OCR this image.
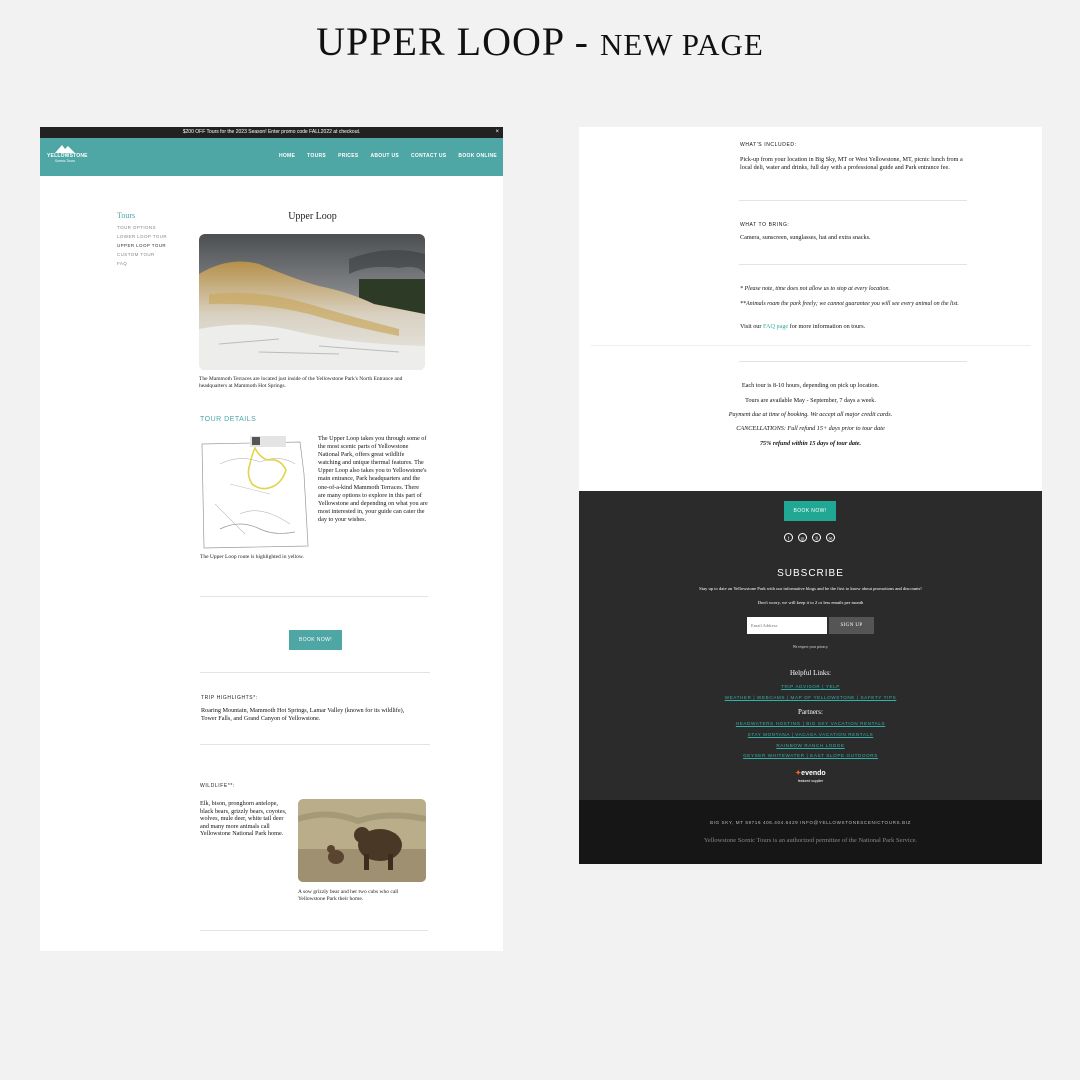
UPPER LOOP - NEW PAGE
$200 OFF Tours for the 2023 Season! Enter promo code FALL2022 at checkout.	×
YELLOWSTONE
Scenic Tours
HOME TOURS PRICES ABOUT US CONTACT US BOOK ONLINE
Tours
TOUR OPTIONS
LOWER LOOP TOUR
UPPER LOOP TOUR
CUSTOM TOUR
FAQ
Upper Loop
The Mammoth Terraces are located just inside of the Yellowstone Park's North Entrance and headquarters at Mammoth Hot Springs.
TOUR DETAILS
The Upper Loop takes you through some of the most scenic parts of Yellowstone National Park, offers great wildlife watching and unique thermal features. The Upper Loop also takes you to Yellowstone's main entrance, Park headquarters and the one-of-a-kind Mammoth Terraces. There are many options to explore in this part of Yellowstone and depending on what you are most interested in, your guide can cater the day to your wishes.
The Upper Loop route is highlighted in yellow.
BOOK NOW!
TRIP HIGHLIGHTS*:
Roaring Mountain, Mammoth Hot Springs, Lamar Valley (known for its wildlife), Tower Falls, and Grand Canyon of Yellowstone.
WILDLIFE**:
Elk, bison, pronghorn antelope, black bears, grizzly bears, coyotes, wolves, mule deer, white tail deer and many more animals call Yellowstone National Park home.
A sow grizzly bear and her two cubs who call Yellowstone Park their home.
WHAT'S INCLUDED:
Pick-up from your location in Big Sky, MT or West Yellowstone, MT, picnic lunch from a local deli, water and drinks, full day with a professional guide and Park entrance fee.
WHAT TO BRING:
Camera, sunscreen, sunglasses, hat and extra snacks.
* Please note, time does not allow us to stop at every location.
**Animals roam the park freely; we cannot guarantee you will see every animal on the list.
Visit our FAQ page for more information on tours.
Each tour is 8-10 hours, depending on pick up location.
Tours are available May - September, 7 days a week.
Payment due at time of booking. We accept all major credit cards.
CANCELLATIONS: Full refund 15+ days prior to tour date
75% refund within 15 days of tour date.
BOOK NOW!
f	◎	ℬ	✉
SUBSCRIBE
Stay up to date on Yellowstone Park with our informative blogs and be the first to know about promotions and discounts!
Don't worry, we will keep it to 2 or less emails per month
Email Address
SIGN UP
We respect your privacy.
Helpful Links:
TRIP ADVISOR | YELP
WEATHER | WEBCAMS | MAP OF YELLOWSTONE | SAFETY TIPS
Partners:
HEADWATERS HOSTING | BIG SKY VACATION RENTALS
STAY MONTANA | VACASA VACATION RENTALS
RAINBOW RANCH LODGE
GEYSER WHITEWATER | EAST SLOPE OUTDOORS
✦evendo
featured supplier
BIG SKY, MT 59716 406.404.6429 INFO@YELLOWSTONESCENICTOURS.BIZ
Yellowstone Scenic Tours is an authorized permittee of the National Park Service.
